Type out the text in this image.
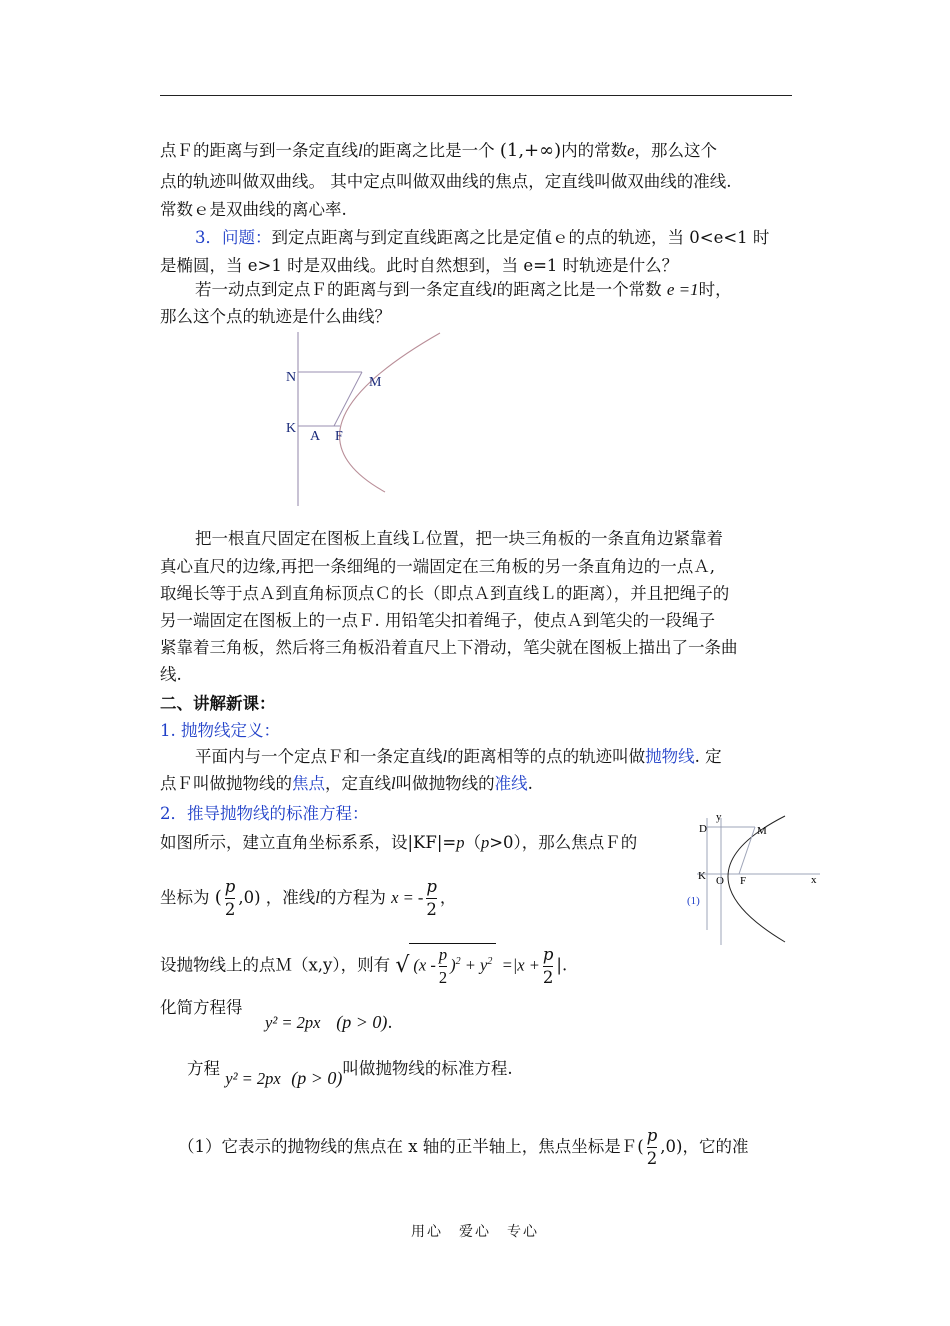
点Ｆ的距离与到一条定直线l的距离之比是一个 (1,+∞)内的常数e，那么这个
点的轨迹叫做双曲线。 其中定点叫做双曲线的焦点，定直线叫做双曲线的准线.
常数ｅ是双曲线的离心率.
3．问题：到定点距离与到定直线距离之比是定值ｅ的点的轨迹，当 0<e<1 时
是椭圆，当 e>1 时是双曲线。此时自然想到，当 e=1 时轨迹是什么？
若一动点到定点Ｆ的距离与到一条定直线l的距离之比是一个常数 e =1时，
那么这个点的轨迹是什么曲线？
N	M
K
A F
把一根直尺固定在图板上直线Ｌ位置，把一块三角板的一条直角边紧靠着
真心直尺的边缘,再把一条细绳的一端固定在三角板的另一条直角边的一点Ａ,
取绳长等于点Ａ到直角标顶点Ｃ的长（即点Ａ到直线Ｌ的距离），并且把绳子的
另一端固定在图板上的一点Ｆ. 用铅笔尖扣着绳子，使点Ａ到笔尖的一段绳子
紧靠着三角板，然后将三角板沿着直尺上下滑动，笔尖就在图板上描出了一条曲
线.
二、讲解新课：
1. 抛物线定义：
平面内与一个定点Ｆ和一条定直线l的距离相等的点的轨迹叫做抛物线. 定
点Ｆ叫做抛物线的焦点，定直线l叫做抛物线的准线.
2．推导抛物线的标准方程：
如图所示，建立直角坐标系系，设|KF|=p（p>0），那么焦点Ｆ的
坐标为 ( $\frac{p}{2} ,0$) ，准线l的方程为 x = - $\frac{p}{2}$ ，
设抛物线上的点Ｍ（x,y），则有 √ $(x - \frac{p}{2} )^2 + y^2 =|x + \frac{p}{2}$ |.
化简方程得
y² = 2px (p > 0).
方程 y² = 2px (p > 0)叫做抛物线的标准方程.
（1）它表示的抛物线的焦点在 x 轴的正半轴上，焦点坐标是Ｆ( $\frac{p}{2} ,0$)，它的准
y
x
D	M
K O F
(1)
用心　爱心　专心
